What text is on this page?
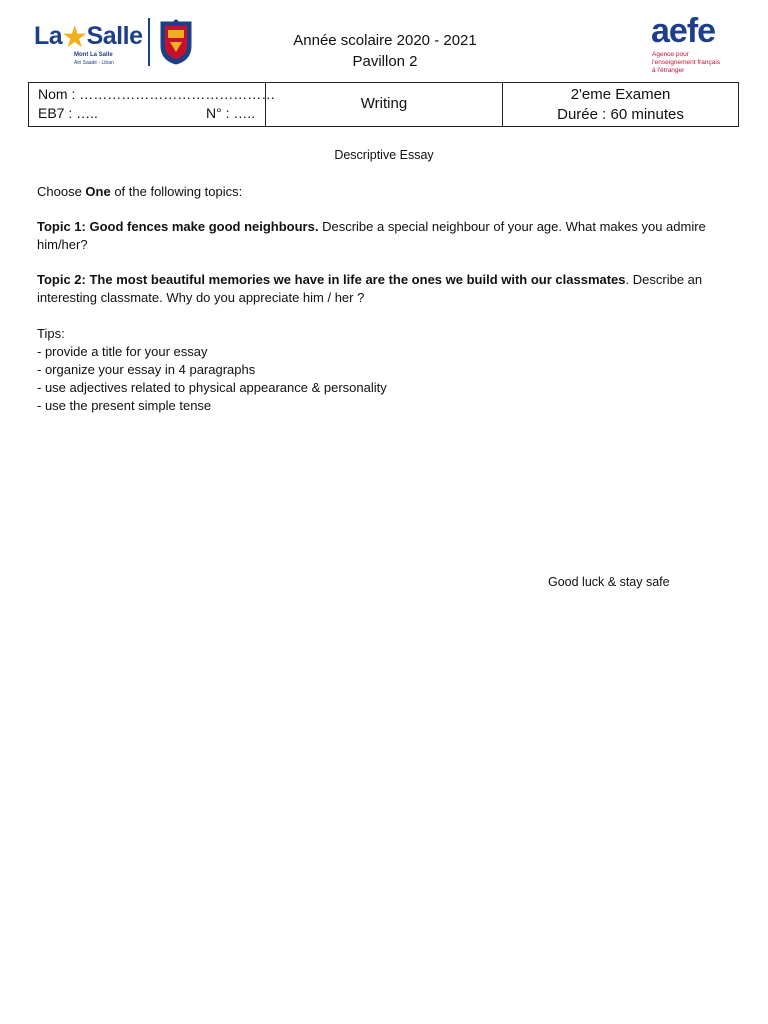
La★Salle
Mont La Salle
Ain Saadé - Liban
Année scolaire 2020 - 2021
Pavillon 2
aefe
Agence pour
l'enseignement français
à l'étranger
Nom : ……………………………………
EB7 : …..	N° : …..
Writing
2'eme Examen
Durée : 60 minutes
Descriptive Essay
Choose One of the following topics:
Topic 1: Good fences make good neighbours. Describe a special neighbour of your age. What makes you admire him/her?
Topic 2: The most beautiful memories we have in life are the ones we build with our classmates. Describe an interesting classmate. Why do you appreciate him / her ?
Tips:
- provide a title for your essay
- organize your essay in 4 paragraphs
- use adjectives related to physical appearance & personality
- use the present simple tense
Good luck & stay safe
